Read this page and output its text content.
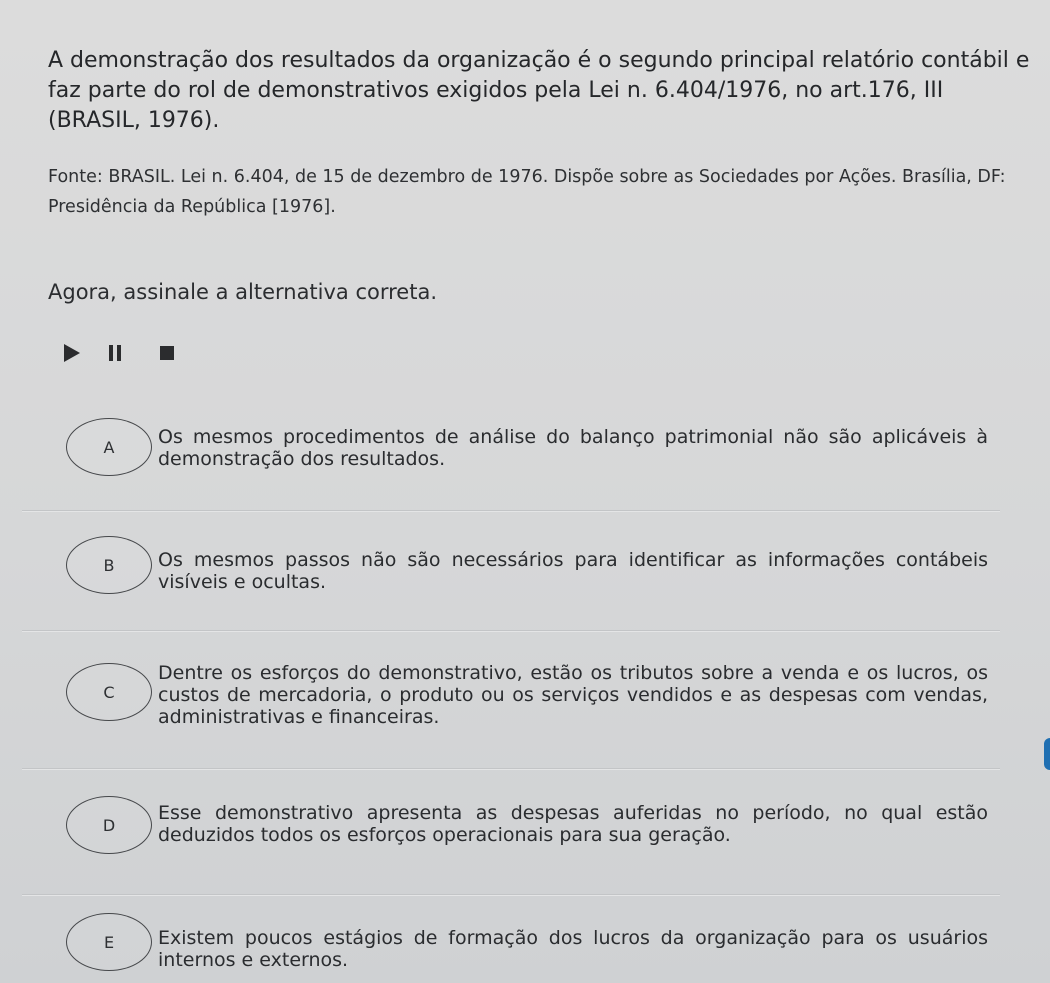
A demonstração dos resultados da organização é o segundo principal relatório contábil e faz parte do rol de demonstrativos exigidos pela Lei n. 6.404/1976, no art.176, III (BRASIL, 1976).
Fonte: BRASIL. Lei n. 6.404, de 15 de dezembro de 1976. Dispõe sobre as Sociedades por Ações. Brasília, DF: Presidência da República [1976].
Agora, assinale a alternativa correta.
A	Os mesmos procedimentos de análise do balanço patrimonial não são aplicáveis à demonstração dos resultados.
B	Os mesmos passos não são necessários para identificar as informações contábeis visíveis e ocultas.
C
Dentre os esforços do demonstrativo, estão os tributos sobre a venda e os lucros, os custos de mercadoria, o produto ou os serviços vendidos e as despesas com vendas, administrativas e financeiras.
D
Esse demonstrativo apresenta as despesas auferidas no período, no qual estão deduzidos todos os esforços operacionais para sua geração.
E	Existem poucos estágios de formação dos lucros da organização para os usuários internos e externos.
